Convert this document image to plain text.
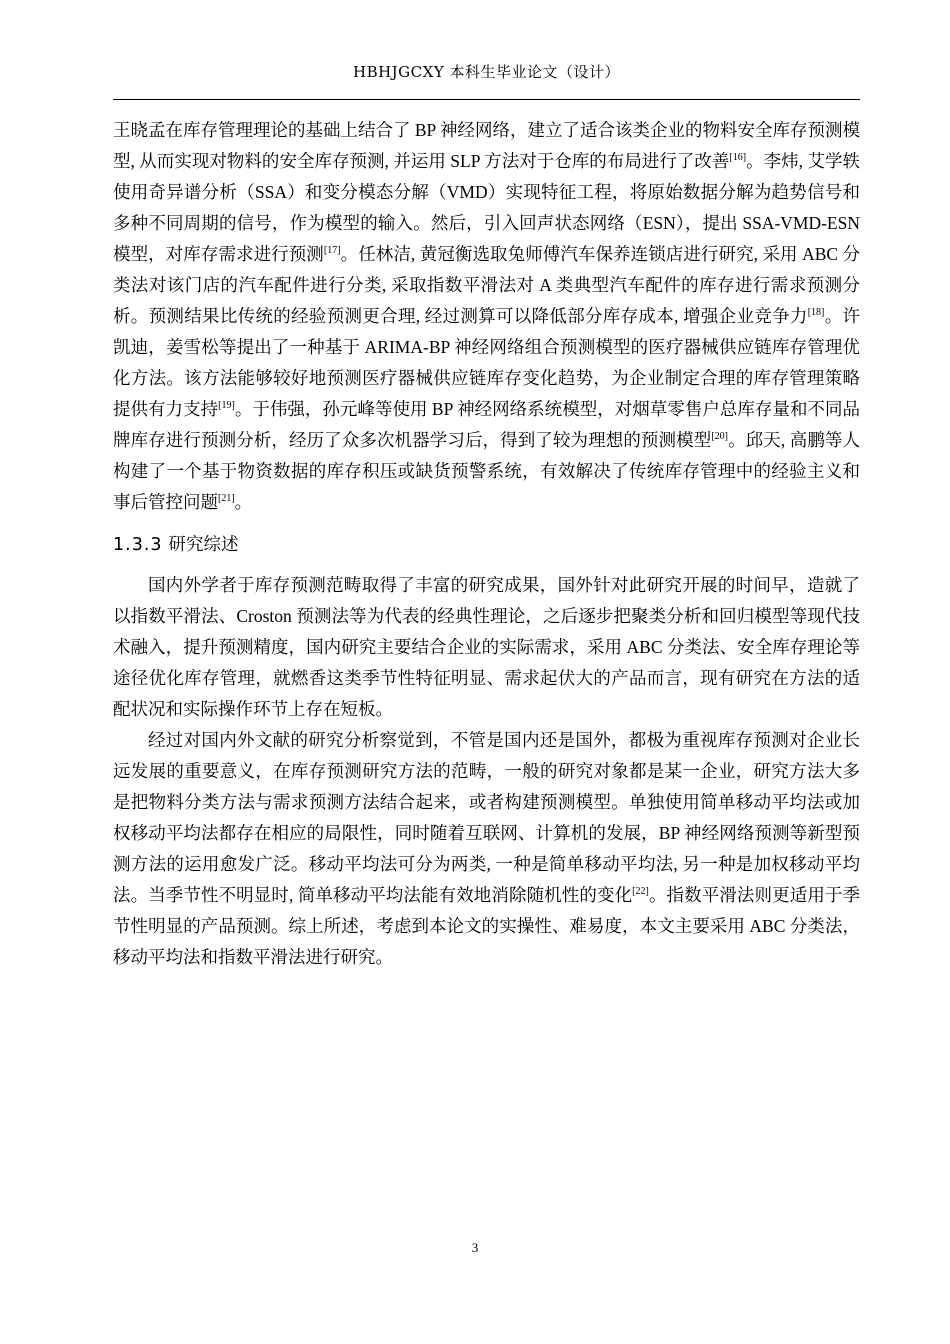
HBHJGCXY 本科生毕业论文（设计）

王晓孟在库存管理理论的基础上结合了 BP 神经网络，建立了适合该类企业的物料安全库存预测模型, 从而实现对物料的安全库存预测, 并运用 SLP 方法对于仓库的布局进行了改善[16]。李炜, 艾学轶使用奇异谱分析（SSA）和变分模态分解（VMD）实现特征工程，将原始数据分解为趋势信号和多种不同周期的信号，作为模型的输入。然后，引入回声状态网络（ESN），提出 SSA-VMD-ESN 模型，对库存需求进行预测[17]。任林洁, 黄冠衡选取兔师傅汽车保养连锁店进行研究, 采用 ABC 分类法对该门店的汽车配件进行分类, 采取指数平滑法对 A 类典型汽车配件的库存进行需求预测分析。预测结果比传统的经验预测更合理, 经过测算可以降低部分库存成本, 增强企业竞争力[18]。许凯迪，姜雪松等提出了一种基于 ARIMA-BP 神经网络组合预测模型的医疗器械供应链库存管理优化方法。该方法能够较好地预测医疗器械供应链库存变化趋势，为企业制定合理的库存管理策略提供有力支持[19]。于伟强，孙元峰等使用 BP 神经网络系统模型，对烟草零售户总库存量和不同品牌库存进行预测分析，经历了众多次机器学习后，得到了较为理想的预测模型[20]。邱天, 高鹏等人构建了一个基于物资数据的库存积压或缺货预警系统，有效解决了传统库存管理中的经验主义和事后管控问题[21]。

1.3.3 研究综述

国内外学者于库存预测范畴取得了丰富的研究成果，国外针对此研究开展的时间早，造就了以指数平滑法、Croston 预测法等为代表的经典性理论，之后逐步把聚类分析和回归模型等现代技术融入，提升预测精度，国内研究主要结合企业的实际需求，采用 ABC 分类法、安全库存理论等途径优化库存管理，就燃香这类季节性特征明显、需求起伏大的产品而言，现有研究在方法的适配状况和实际操作环节上存在短板。

经过对国内外文献的研究分析察觉到，不管是国内还是国外，都极为重视库存预测对企业长远发展的重要意义，在库存预测研究方法的范畴，一般的研究对象都是某一企业，研究方法大多是把物料分类方法与需求预测方法结合起来，或者构建预测模型。单独使用简单移动平均法或加权移动平均法都存在相应的局限性，同时随着互联网、计算机的发展，BP 神经网络预测等新型预测方法的运用愈发广泛。移动平均法可分为两类, 一种是简单移动平均法, 另一种是加权移动平均法。当季节性不明显时, 简单移动平均法能有效地消除随机性的变化[22]。指数平滑法则更适用于季节性明显的产品预测。综上所述，考虑到本论文的实操性、难易度，本文主要采用 ABC 分类法，移动平均法和指数平滑法进行研究。

3
